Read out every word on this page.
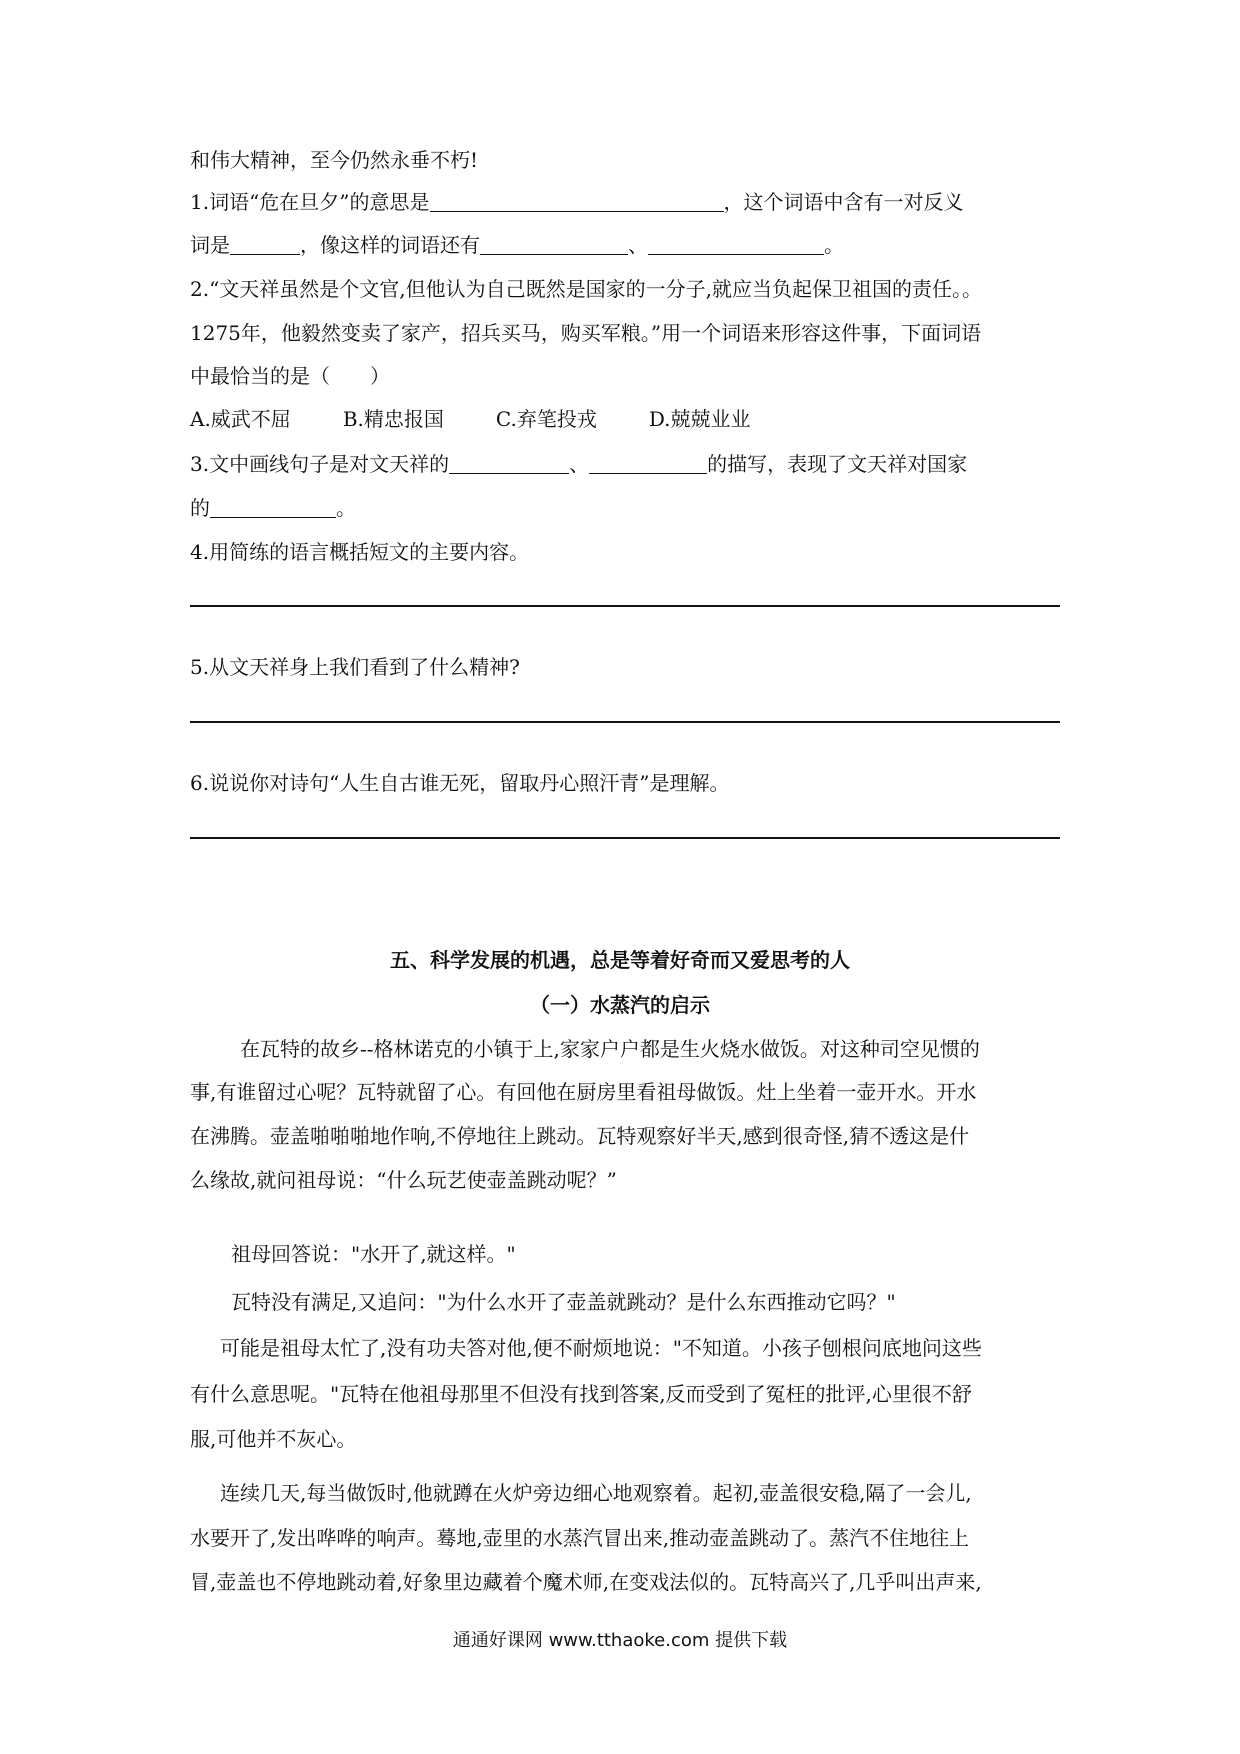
和伟大精神，至今仍然永垂不朽!
1.词语“危在旦夕”的意思是	，这个词语中含有一对反义
词是	，像这样的词语还有	、	。
2.“文天祥虽然是个文官,但他认为自己既然是国家的一分子,就应当负起保卫祖国的责任。。
1275年，他毅然变卖了家产，招兵买马，购买军粮。”用一个词语来形容这件事，下面词语
中最恰当的是（　　）
A.威武不屈	B.精忠报国	C.弃笔投戎	D.兢兢业业
3.文中画线句子是对文天祥的	、	的描写，表现了文天祥对国家
的	。
4.用简练的语言概括短文的主要内容。
5.从文天祥身上我们看到了什么精神?
6.说说你对诗句“人生自古谁无死，留取丹心照汗青”是理解。
五、科学发展的机遇，总是等着好奇而又爱思考的人
（一）水蒸汽的启示
在瓦特的故乡--格林诺克的小镇于上,家家户户都是生火烧水做饭。对这种司空见惯的
事,有谁留过心呢？瓦特就留了心。有回他在厨房里看祖母做饭。灶上坐着一壶开水。开水
在沸腾。壶盖啪啪啪地作响,不停地往上跳动。瓦特观察好半天,感到很奇怪,猜不透这是什
么缘故,就问祖母说：“什么玩艺使壶盖跳动呢？”
祖母回答说："水开了,就这样。"
瓦特没有满足,又追问："为什么水开了壶盖就跳动？是什么东西推动它吗？"
可能是祖母太忙了,没有功夫答对他,便不耐烦地说："不知道。小孩子刨根问底地问这些
有什么意思呢。"瓦特在他祖母那里不但没有找到答案,反而受到了冤枉的批评,心里很不舒
服,可他并不灰心。
连续几天,每当做饭时,他就蹲在火炉旁边细心地观察着。起初,壶盖很安稳,隔了一会儿,
水要开了,发出哗哗的响声。蓦地,壶里的水蒸汽冒出来,推动壶盖跳动了。蒸汽不住地往上
冒,壶盖也不停地跳动着,好象里边藏着个魔术师,在变戏法似的。瓦特高兴了,几乎叫出声来,
通通好课网 www.tthaoke.com 提供下载
